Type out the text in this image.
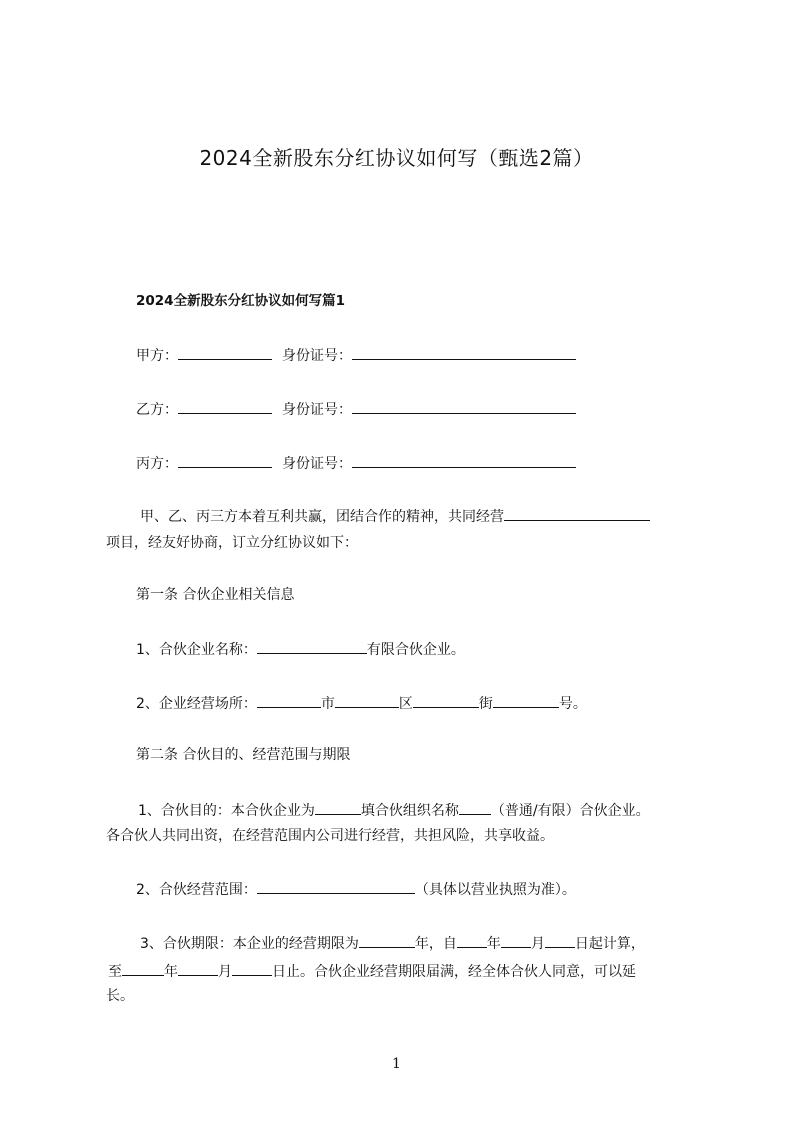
2024全新股东分红协议如何写（甄选2篇）
2024全新股东分红协议如何写篇1

甲方：	身份证号：

乙方：	身份证号：

丙方：	身份证号：

甲、乙、丙三方本着互利共赢，团结合作的精神，共同经营

项目，经友好协商，订立分红协议如下：

第一条 合伙企业相关信息

1、合伙企业名称：	有限合伙企业。

2、企业经营场所：	市	区	街	号。

第二条 合伙目的、经营范围与期限

1、合伙目的：本合伙企业为	填合伙组织名称 （普通/有限）合伙企业。

各合伙人共同出资，在经营范围内公司进行经营，共担风险，共享收益。

2、合伙经营范围：	（具体以营业执照为准）。

3、合伙期限：本企业的经营期限为	年，自 年 月 日起计算，

至	年	月	日止。合伙企业经营期限届满，经全体合伙人同意，可以延

长。

1
